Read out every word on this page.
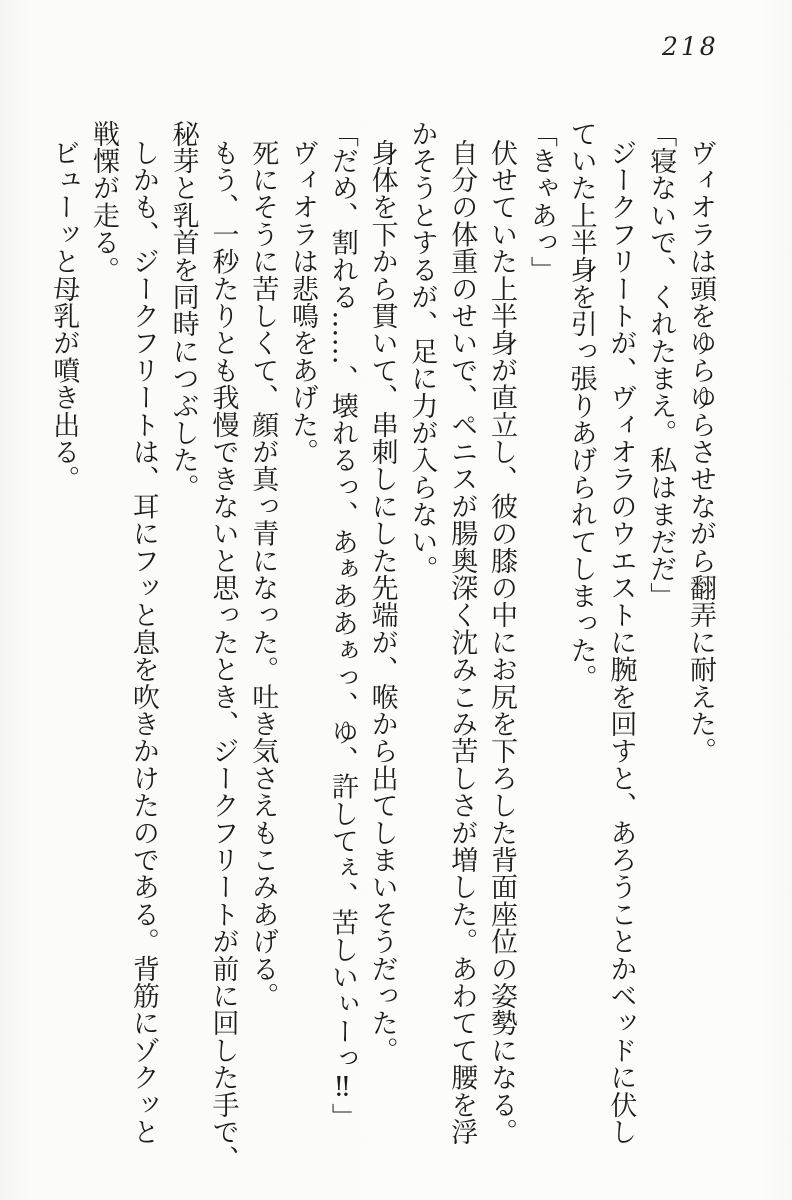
218
ヴィオラは頭をゆらゆらさせながら翻弄に耐えた。
「寝ないで、くれたまえ。私はまだだ」
ジークフリートが、ヴィオラのウエストに腕を回すと、あろうことかベッドに伏し
ていた上半身を引っ張りあげられてしまった。
「きゃあっ」
伏せていた上半身が直立し、彼の膝の中にお尻を下ろした背面座位の姿勢になる。
自分の体重のせいで、ペニスが腸奥深く沈みこみ苦しさが増した。あわてて腰を浮
かそうとするが、足に力が入らない。
身体を下から貫いて、串刺しにした先端が、喉から出てしまいそうだった。
「だめ、割れる……、壊れるっ、あぁああぁっ、ゆ、許してぇ、苦しいぃーっ‼」
ヴィオラは悲鳴をあげた。
死にそうに苦しくて、顔が真っ青になった。吐き気さえもこみあげる。
もう、一秒たりとも我慢できないと思ったとき、ジークフリートが前に回した手で、
秘芽と乳首を同時につぶした。
しかも、ジークフリートは、耳にフッと息を吹きかけたのである。背筋にゾクッと
戦慄が走る。
ビューッと母乳が噴き出る。
